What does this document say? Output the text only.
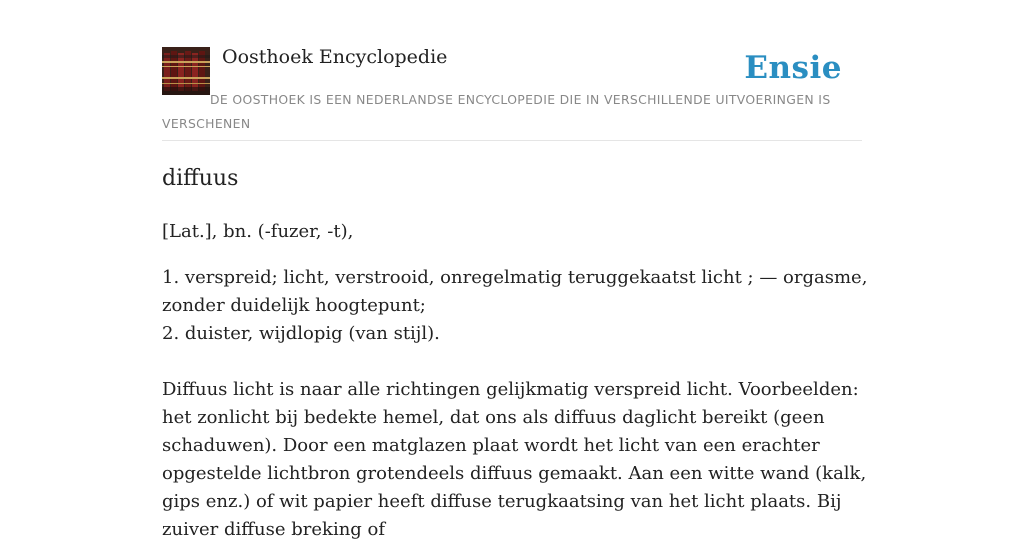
Oosthoek Encyclopedie	Ensie
DE OOSTHOEK IS EEN NEDERLANDSE ENCYCLOPEDIE DIE IN VERSCHILLENDE UITVOERINGEN IS VERSCHENEN
diffuus

[Lat.], bn. (-fuzer, -t),

1. verspreid; licht, verstrooid, onregelmatig teruggekaatst licht ; — orgasme, zonder duidelijk hoogtepunt;
2. duister, wijdlopig (van stijl).

Diffuus licht is naar alle richtingen gelijkmatig verspreid licht. Voorbeelden: het zonlicht bij bedekte hemel, dat ons als diffuus daglicht bereikt (geen schaduwen). Door een matglazen plaat wordt het licht van een erachter opgestelde lichtbron grotendeels diffuus gemaakt. Aan een witte wand (kalk, gips enz.) of wit papier heeft diffuse terugkaatsing van het licht plaats. Bij zuiver diffuse breking of
